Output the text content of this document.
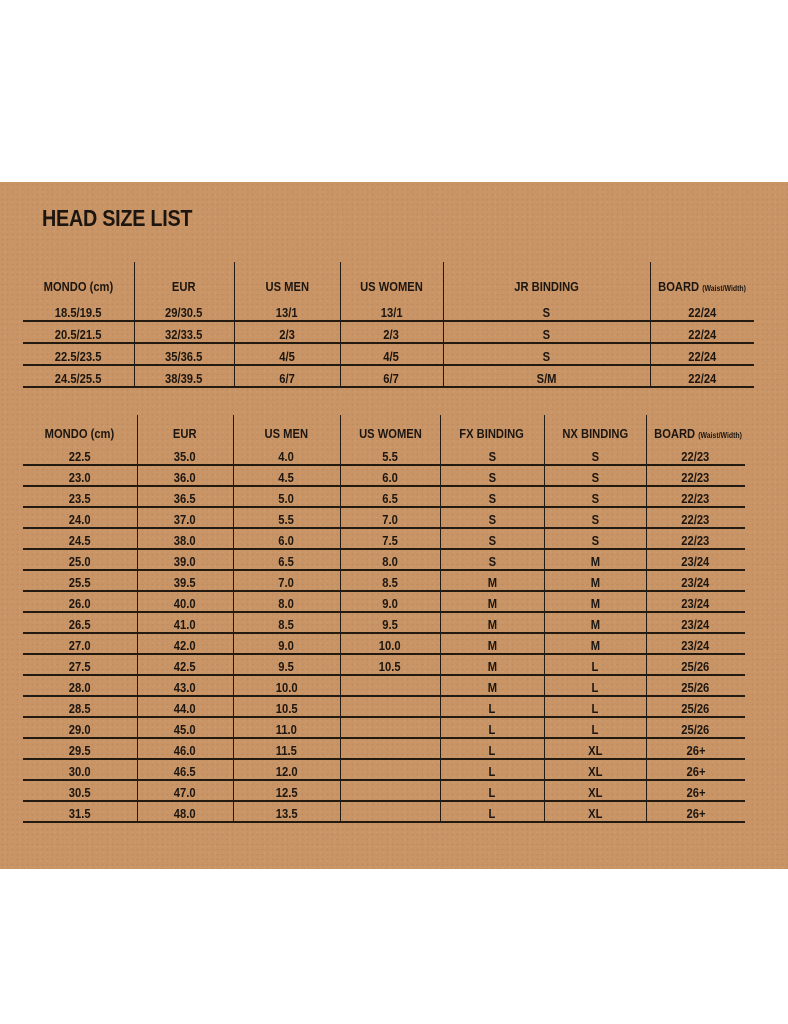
HEAD SIZE LIST
MONDO (cm)	EUR	US MEN	US WOMEN	JR BINDING	BOARD (Waist/Width)
18.5/19.5	29/30.5	13/1	13/1	S	22/24
20.5/21.5	32/33.5	2/3	2/3	S	22/24
22.5/23.5	35/36.5	4/5	4/5	S	22/24
24.5/25.5	38/39.5	6/7	6/7	S/M	22/24
MONDO (cm)	EUR	US MEN	US WOMEN	FX BINDING	NX BINDING	BOARD (Waist/Width)
22.5	35.0	4.0	5.5	S	S	22/23
23.0	36.0	4.5	6.0	S	S	22/23
23.5	36.5	5.0	6.5	S	S	22/23
24.0	37.0	5.5	7.0	S	S	22/23
24.5	38.0	6.0	7.5	S	S	22/23
25.0	39.0	6.5	8.0	S	M	23/24
25.5	39.5	7.0	8.5	M	M	23/24
26.0	40.0	8.0	9.0	M	M	23/24
26.5	41.0	8.5	9.5	M	M	23/24
27.0	42.0	9.0	10.0	M	M	23/24
27.5	42.5	9.5	10.5	M	L	25/26
28.0	43.0	10.0		M	L	25/26
28.5	44.0	10.5		L	L	25/26
29.0	45.0	11.0		L	L	25/26
29.5	46.0	11.5		L	XL	26+
30.0	46.5	12.0		L	XL	26+
30.5	47.0	12.5		L	XL	26+
31.5	48.0	13.5		L	XL	26+
